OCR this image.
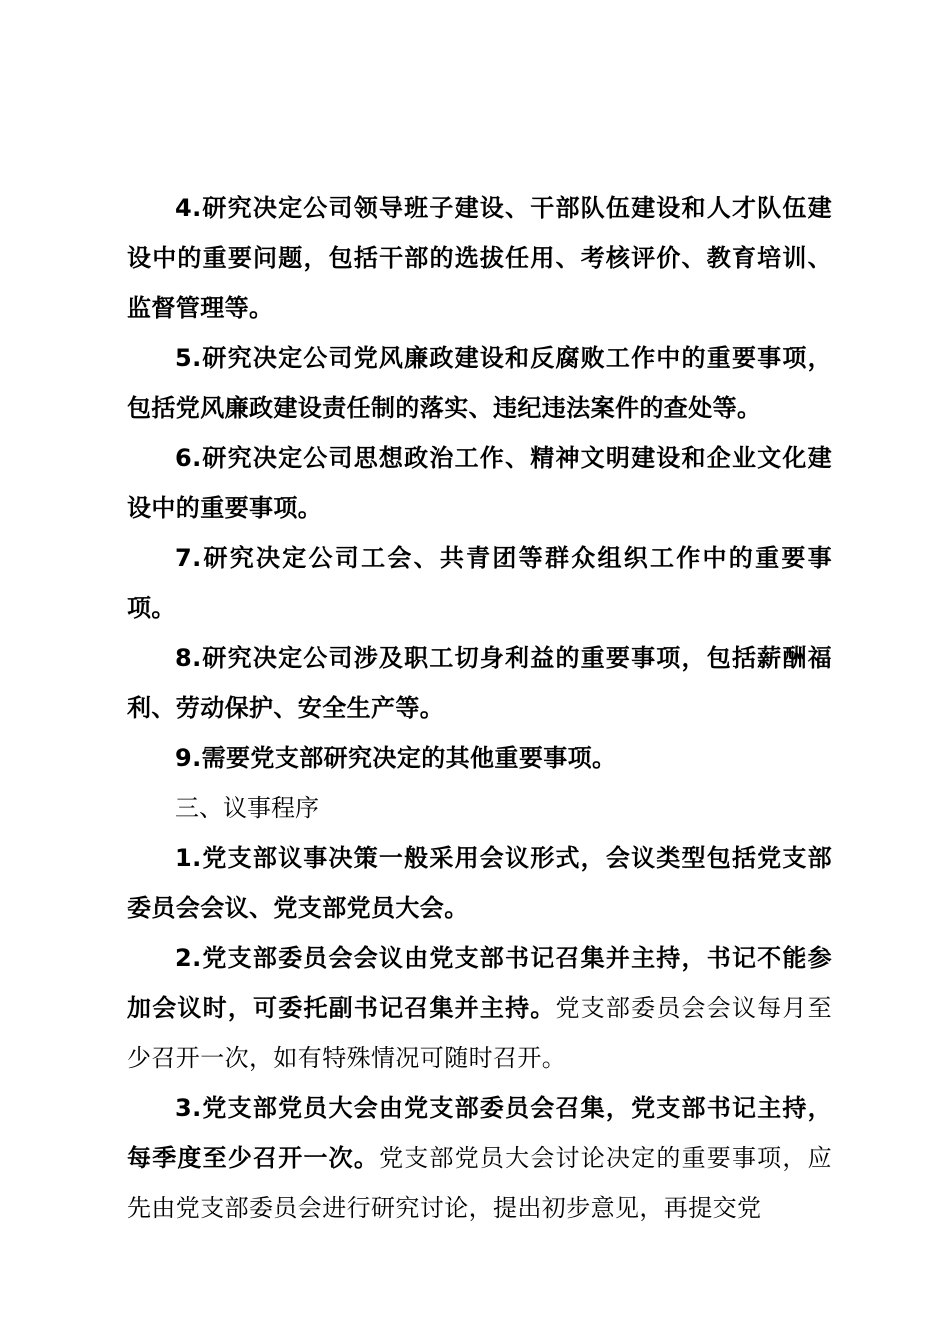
4.研究决定公司领导班子建设、干部队伍建设和人才队伍建设中的重要问题，包括干部的选拔任用、考核评价、教育培训、监督管理等。

5.研究决定公司党风廉政建设和反腐败工作中的重要事项，包括党风廉政建设责任制的落实、违纪违法案件的查处等。

6.研究决定公司思想政治工作、精神文明建设和企业文化建设中的重要事项。

7.研究决定公司工会、共青团等群众组织工作中的重要事项。

8.研究决定公司涉及职工切身利益的重要事项，包括薪酬福利、劳动保护、安全生产等。

9.需要党支部研究决定的其他重要事项。

三、议事程序

1.党支部议事决策一般采用会议形式，会议类型包括党支部委员会会议、党支部党员大会。

2.党支部委员会会议由党支部书记召集并主持，书记不能参加会议时，可委托副书记召集并主持。党支部委员会会议每月至少召开一次，如有特殊情况可随时召开。

3.党支部党员大会由党支部委员会召集，党支部书记主持，每季度至少召开一次。党支部党员大会讨论决定的重要事项，应先由党支部委员会进行研究讨论，提出初步意见，再提交党
